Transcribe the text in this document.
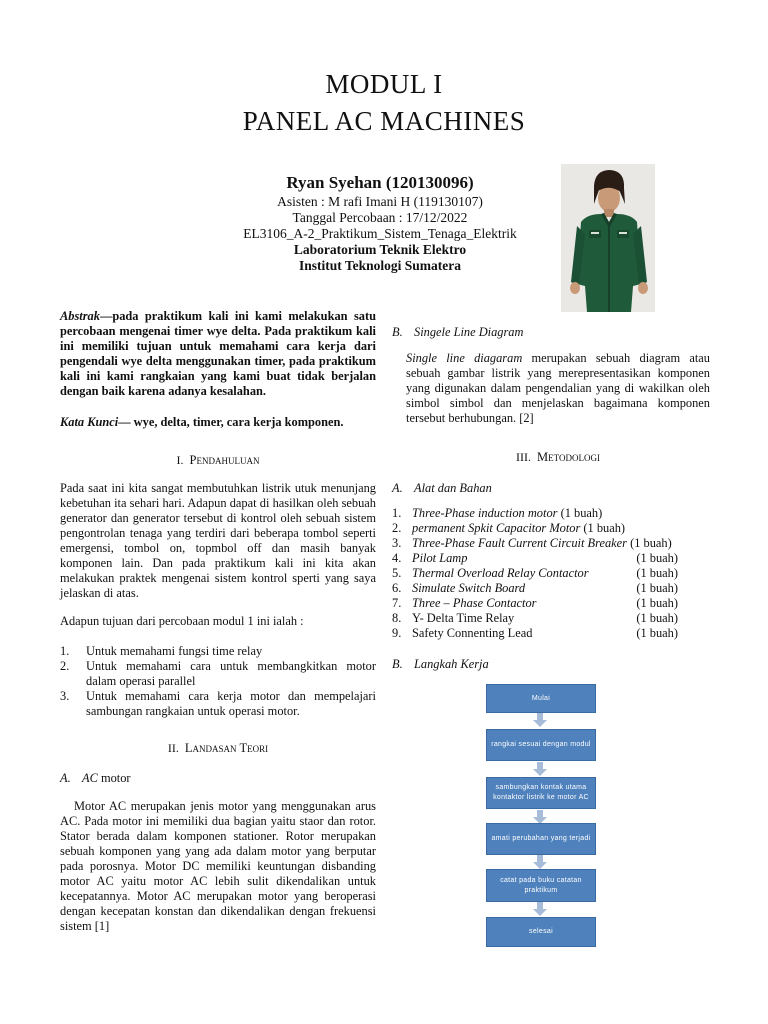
MODUL I
PANEL AC MACHINES
Ryan Syehan (120130096)
Asisten : M rafi Imani H (119130107)
Tanggal Percobaan : 17/12/2022
EL3106_A-2_Praktikum_Sistem_Tenaga_Elektrik
Laboratorium Teknik Elektro
Institut Teknologi Sumatera
Abstrak—pada praktikum kali ini kami melakukan satu percobaan mengenai timer wye delta. Pada praktikum kali ini memiliki tujuan untuk memahami cara kerja dari pengendali wye delta menggunakan timer, pada praktikum kali ini kami rangkaian yang kami buat tidak berjalan dengan baik karena adanya kesalahan.
Kata Kunci— wye, delta, timer, cara kerja komponen.
I. Pendahuluan
Pada saat ini kita sangat membutuhkan listrik utuk menunjang kebetuhan ita sehari hari. Adapun dapat di hasilkan oleh sebuah generator dan generator tersebut di kontrol oleh sebuah sistem pengontrolan tenaga yang terdiri dari beberapa tombol seperti emergensi, tombol on, topmbol off dan masih banyak komponen lain. Dan pada praktikum kali ini kita akan melakukan praktek mengenai sistem kontrol sperti yang saya jelaskan di atas.
Adapun tujuan dari percobaan modul 1 ini ialah :
1.	Untuk memahami fungsi time relay
2.	Untuk memahami cara untuk membangkitkan motor dalam operasi parallel
3.	Untuk memahami cara kerja motor dan mempelajari sambungan rangkaian untuk operasi motor.
II. Landasan Teori
A. AC motor
Motor AC merupakan jenis motor yang menggunakan arus AC. Pada motor ini memiliki dua bagian yaitu staor dan rotor. Stator berada dalam komponen stationer. Rotor merupakan sebuah komponen yang yang ada dalam motor yang berputar pada porosnya. Motor DC memiliki keuntungan disbanding motor AC yaitu motor AC lebih sulit dikendalikan untuk kecepatannya. Motor AC merupakan motor yang beroperasi dengan kecepatan konstan dan dikendalikan dengan frekuensi sistem [1]
B. Singele Line Diagram
Single line diagaram merupakan sebuah diagram atau sebuah gambar listrik yang merepresentasikan komponen yang digunakan dalam pengendalian yang di wakilkan oleh simbol simbol dan menjelaskan bagaimana komponen tersebut berhubungan. [2]
III. Metodologi
A. Alat dan Bahan
1. Three-Phase induction motor (1 buah)
2. permanent Spkit Capacitor Motor (1 buah)
3. Three-Phase Fault Current Circuit Breaker (1 buah)
4. Pilot Lamp	(1 buah)
5. Thermal Overload Relay Contactor	(1 buah)
6. Simulate Switch Board	(1 buah)
7. Three – Phase Contactor	(1 buah)
8. Y- Delta Time Relay	(1 buah)
9. Safety Connenting Lead	(1 buah)
B. Langkah Kerja
Mulai
rangkai sesuai dengan modul
sambungkan kontak utama kontaktor listrik ke motor AC
amati perubahan yang terjadi
catat pada buku catatan praktikum
selesai
